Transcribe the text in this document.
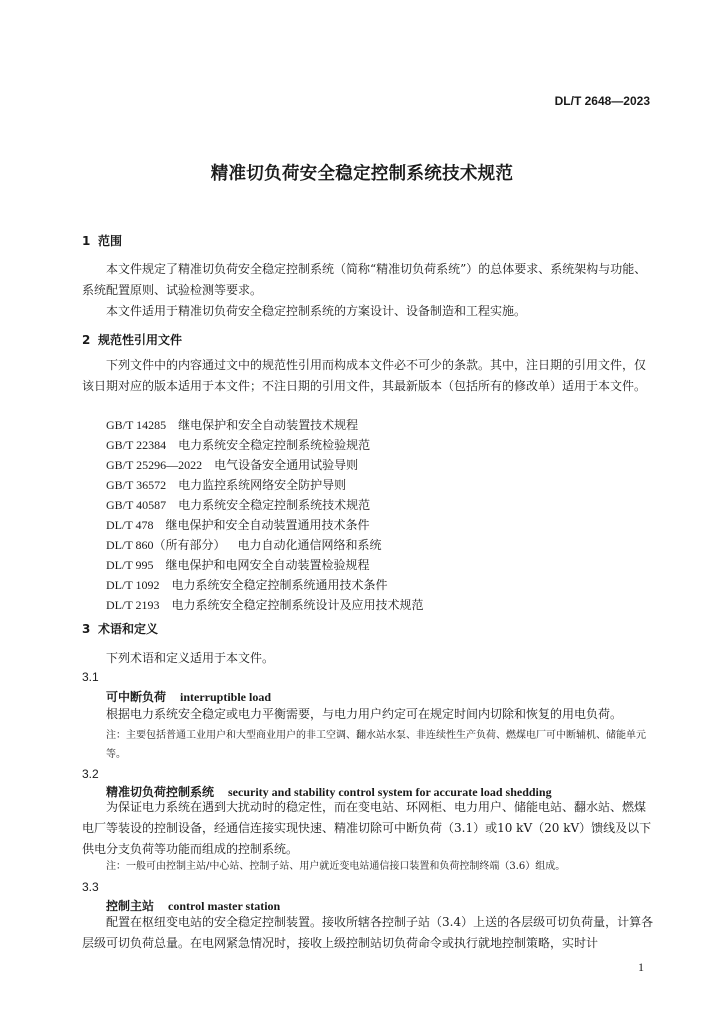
DL/T 2648—2023
精准切负荷安全稳定控制系统技术规范
1 范围
本文件规定了精准切负荷安全稳定控制系统（简称“精准切负荷系统”）的总体要求、系统架构与功能、系统配置原则、试验检测等要求。
本文件适用于精准切负荷安全稳定控制系统的方案设计、设备制造和工程实施。
2 规范性引用文件
下列文件中的内容通过文中的规范性引用而构成本文件必不可少的条款。其中，注日期的引用文件，仅该日期对应的版本适用于本文件；不注日期的引用文件，其最新版本（包括所有的修改单）适用于本文件。
GB/T 14285 继电保护和安全自动装置技术规程
GB/T 22384 电力系统安全稳定控制系统检验规范
GB/T 25296—2022 电气设备安全通用试验导则
GB/T 36572 电力监控系统网络安全防护导则
GB/T 40587 电力系统安全稳定控制系统技术规范
DL/T 478 继电保护和安全自动装置通用技术条件
DL/T 860（所有部分） 电力自动化通信网络和系统
DL/T 995 继电保护和电网安全自动装置检验规程
DL/T 1092 电力系统安全稳定控制系统通用技术条件
DL/T 2193 电力系统安全稳定控制系统设计及应用技术规范
3 术语和定义
下列术语和定义适用于本文件。
3.1
可中断负荷 interruptible load
根据电力系统安全稳定或电力平衡需要，与电力用户约定可在规定时间内切除和恢复的用电负荷。
注：主要包括普通工业用户和大型商业用户的非工空调、翻水站水泵、非连续性生产负荷、燃煤电厂可中断辅机、储能单元等。
3.2
精准切负荷控制系统 security and stability control system for accurate load shedding
为保证电力系统在遇到大扰动时的稳定性，而在变电站、环网柜、电力用户、储能电站、翻水站、燃煤电厂等装设的控制设备，经通信连接实现快速、精准切除可中断负荷（3.1）或10 kV（20 kV）馈线及以下供电分支负荷等功能而组成的控制系统。
注：一般可由控制主站/中心站、控制子站、用户就近变电站通信接口装置和负荷控制终端（3.6）组成。
3.3
控制主站 control master station
配置在枢纽变电站的安全稳定控制装置。接收所辖各控制子站（3.4）上送的各层级可切负荷量，计算各层级可切负荷总量。在电网紧急情况时，接收上级控制站切负荷命令或执行就地控制策略，实时计
1
